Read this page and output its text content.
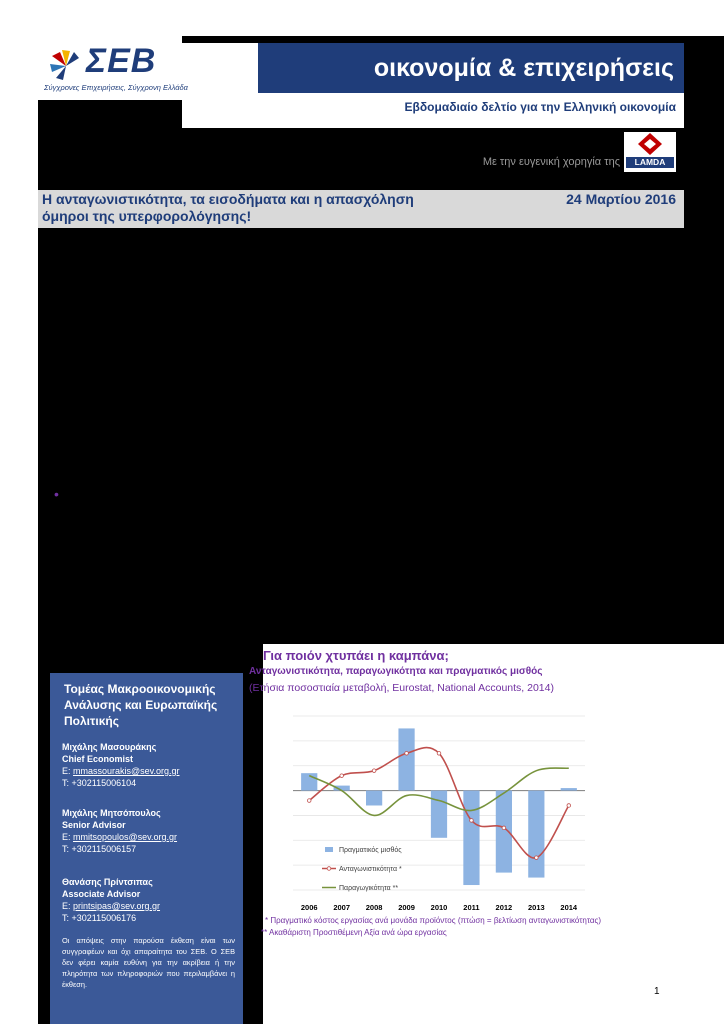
οικονομία & επιχειρήσεις
Εβδομαδιαίο δελτίο για την Ελληνική οικονομία
ΣΕΒ
Σύγχρονες Επιχειρήσεις, Σύγχρονη Ελλάδα
Με την ευγενική χορηγία της	LAMDA
Η ανταγωνιστικότητα, τα εισοδήματα και η απασχόληση όμηροι της υπερφορολόγησης!
24 Μαρτίου 2016
•
Τομέας Μακροοικονομικής Ανάλυσης και Ευρωπαϊκής Πολιτικής
Μιχάλης Μασουράκης
Chief Economist
E: mmassourakis@sev.org.gr
T: +302115006104
Μιχάλης Μητσόπουλος
Senior Advisor
E: mmitsopoulos@sev.org.gr
T: +302115006157
Θανάσης Πρίντσιπας
Associate Advisor
E: printsipas@sev.org.gr
T: +302115006176
Οι απόψεις στην παρούσα έκθεση είναι των συγγραφέων και όχι απαραίτητα του ΣΕΒ. Ο ΣΕΒ δεν φέρει καμία ευθύνη για την ακρίβεια ή την πληρότητα των πληροφοριών που περιλαμβάνει η έκθεση.
Για ποιόν χτυπάει η καμπάνα;
Ανταγωνιστικότητα, παραγωγικότητα και πραγματικός μισθός
(Ετήσια ποσοστιαία μεταβολή, Eurostat, National Accounts, 2014)
2006 2007 2008 2009 2010 2011 2012 2013 2014
Πραγματικός μισθός
Ανταγωνιστικότητα *
Παραγωγικότητα **
* Πραγματικό κόστος εργασίας ανά μονάδα προϊόντος (πτώση = βελτίωση ανταγωνιστικότητας)
** Ακαθάριστη Προστιθέμενη Αξία ανά ώρα εργασίας
1
